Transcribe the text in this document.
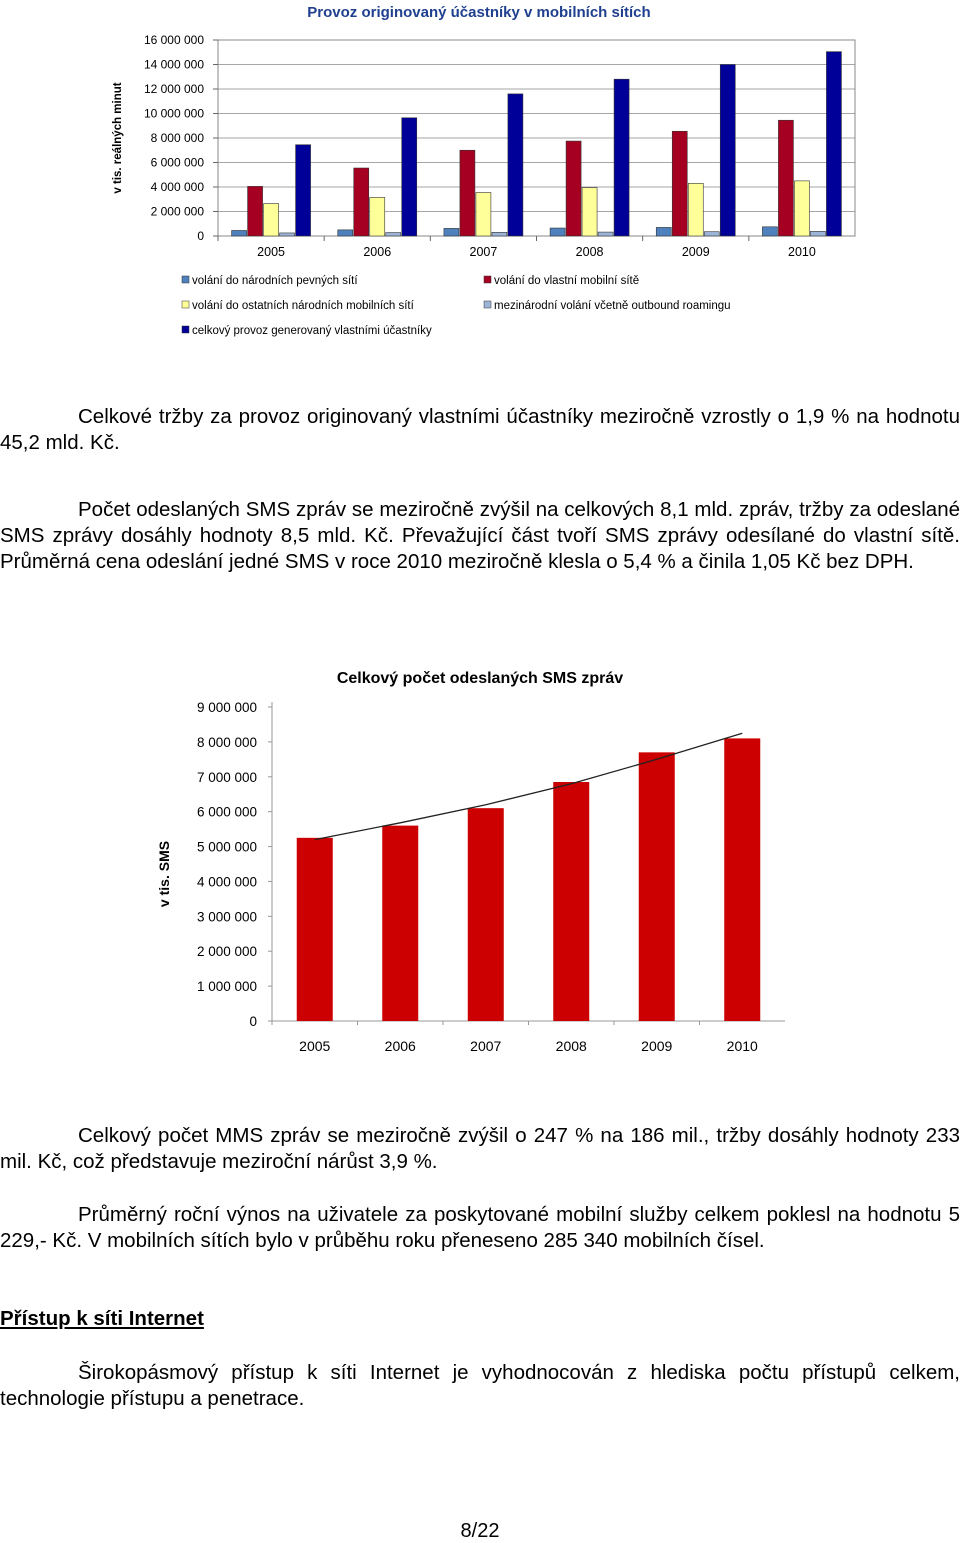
Provoz originovaný účastníky v mobilních sítích
0
2 000 000
4 000 000
6 000 000
8 000 000
10 000 000
12 000 000
14 000 000
16 000 000
v tis. reálných minut
2005	2006	2007	2008	2009	2010
volání do národních pevných sítí	volání do vlastní mobilní sítě
volání do ostatních národních mobilních sítí	mezinárodní volání včetně outbound roamingu
celkový provoz generovaný vlastními účastníky

Celkové tržby za provoz originovaný vlastními účastníky meziročně vzrostly o 1,9 % na hodnotu 45,2 mld. Kč.

Počet odeslaných SMS zpráv se meziročně zvýšil na celkových 8,1 mld. zpráv, tržby za odeslané SMS zprávy dosáhly hodnoty 8,5 mld. Kč. Převažující část tvoří SMS zprávy odesílané do vlastní sítě. Průměrná cena odeslání jedné SMS v roce 2010 meziročně klesla o 5,4 % a činila 1,05 Kč bez DPH.

Celkový počet odeslaných SMS zpráv
0
1 000 000
2 000 000
3 000 000
4 000 000
5 000 000
6 000 000
7 000 000
8 000 000
9 000 000
v tis. SMS
2005	2006	2007	2008	2009	2010

Celkový počet MMS zpráv se meziročně zvýšil o 247 % na 186 mil., tržby dosáhly hodnoty 233 mil. Kč, což představuje meziroční nárůst 3,9 %.

Průměrný roční výnos na uživatele za poskytované mobilní služby celkem poklesl na hodnotu 5 229,- Kč. V mobilních sítích bylo v průběhu roku přeneseno 285 340 mobilních čísel.

Přístup k síti Internet

Širokopásmový přístup k síti Internet je vyhodnocován z hlediska počtu přístupů celkem, technologie přístupu a penetrace.

8/22
